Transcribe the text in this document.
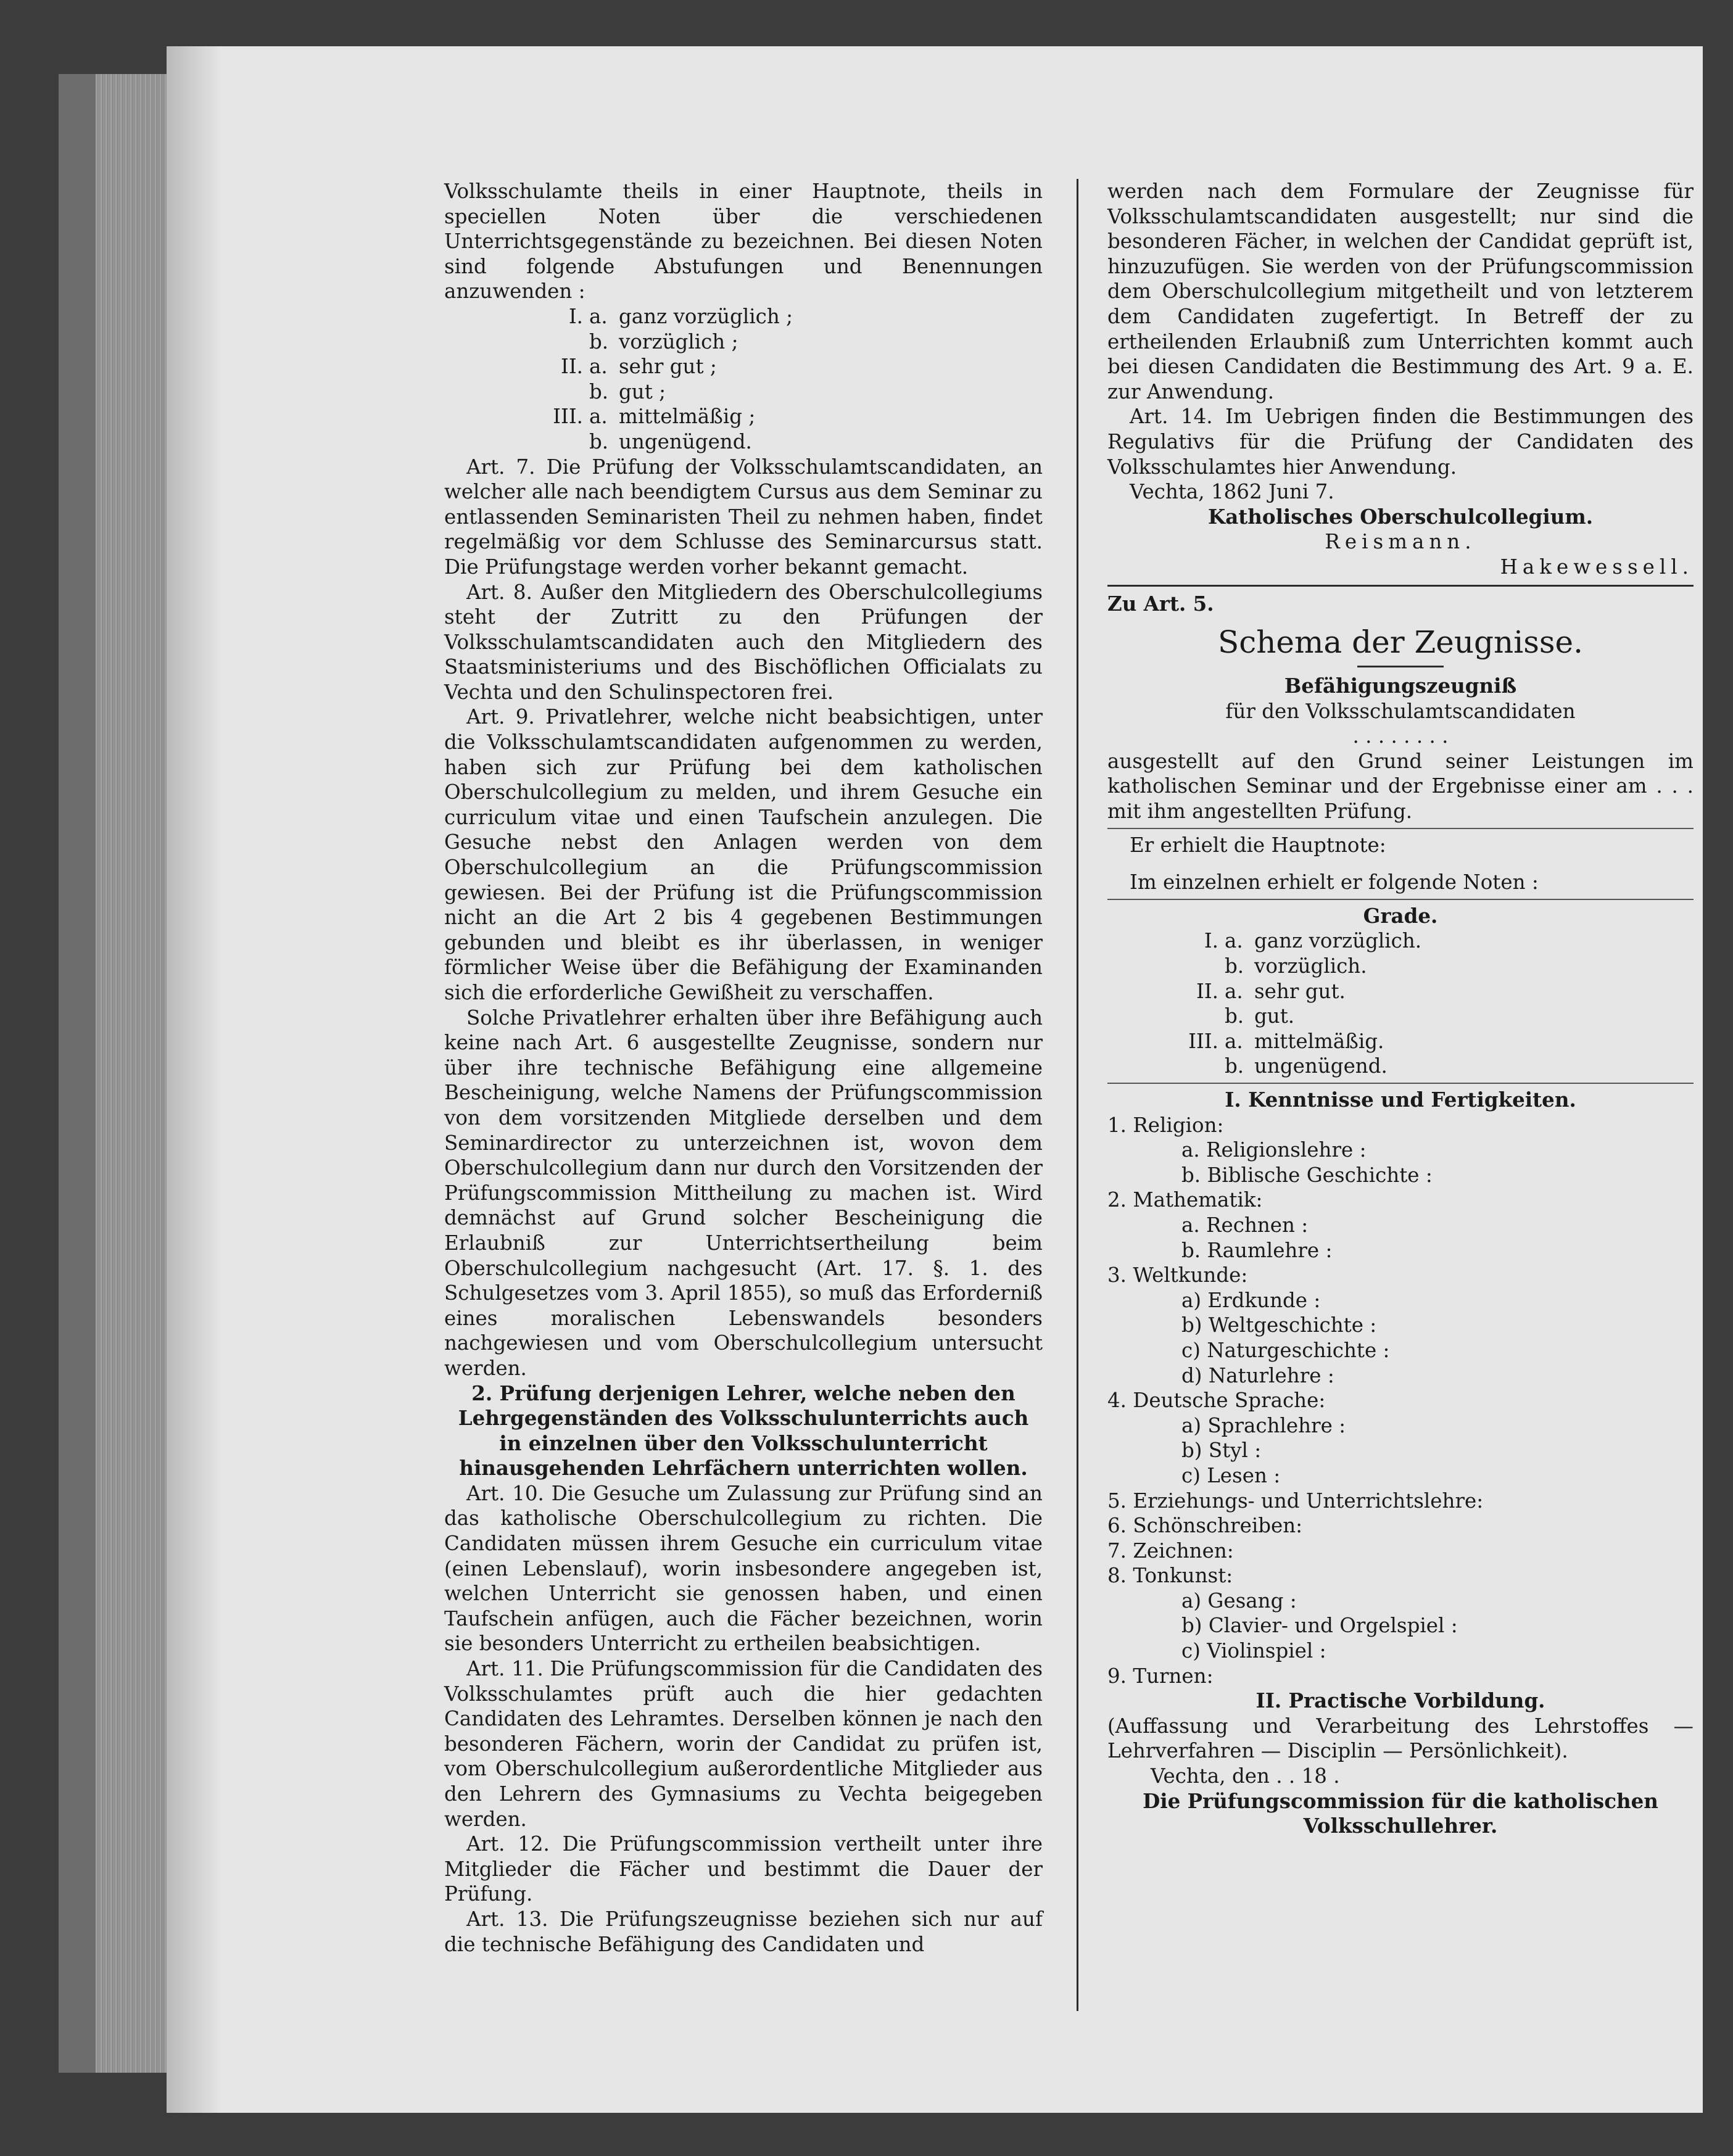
Volksschulamte theils in einer Hauptnote, theils in speciellen Noten über die verschiedenen Unterrichtsgegenstände zu bezeichnen. Bei diesen Noten sind folgende Abstufungen und Benennungen anzuwenden :

I. a. ganz vorzüglich ;
b. vorzüglich ;
II. a. sehr gut ;
b. gut ;
III. a. mittelmäßig ;
b. ungenügend.

Art. 7. Die Prüfung der Volksschulamtscandidaten, an welcher alle nach beendigtem Cursus aus dem Seminar zu entlassenden Seminaristen Theil zu nehmen haben, findet regelmäßig vor dem Schlusse des Seminarcursus statt. Die Prüfungstage werden vorher bekannt gemacht.

Art. 8. Außer den Mitgliedern des Oberschulcollegiums steht der Zutritt zu den Prüfungen der Volksschulamtscandidaten auch den Mitgliedern des Staatsministeriums und des Bischöflichen Officialats zu Vechta und den Schulinspectoren frei.

Art. 9. Privatlehrer, welche nicht beabsichtigen, unter die Volksschulamtscandidaten aufgenommen zu werden, haben sich zur Prüfung bei dem katholischen Oberschulcollegium zu melden, und ihrem Gesuche ein curriculum vitae und einen Taufschein anzulegen. Die Gesuche nebst den Anlagen werden von dem Oberschulcollegium an die Prüfungscommission gewiesen. Bei der Prüfung ist die Prüfungscommission nicht an die Art 2 bis 4 gegebenen Bestimmungen gebunden und bleibt es ihr überlassen, in weniger förmlicher Weise über die Befähigung der Examinanden sich die erforderliche Gewißheit zu verschaffen.

Solche Privatlehrer erhalten über ihre Befähigung auch keine nach Art. 6 ausgestellte Zeugnisse, sondern nur über ihre technische Befähigung eine allgemeine Bescheinigung, welche Namens der Prüfungscommission von dem vorsitzenden Mitgliede derselben und dem Seminardirector zu unterzeichnen ist, wovon dem Oberschulcollegium dann nur durch den Vorsitzenden der Prüfungscommission Mittheilung zu machen ist. Wird demnächst auf Grund solcher Bescheinigung die Erlaubniß zur Unterrichtsertheilung beim Oberschulcollegium nachgesucht (Art. 17. §. 1. des Schulgesetzes vom 3. April 1855), so muß das Erforderniß eines moralischen Lebenswandels besonders nachgewiesen und vom Oberschulcollegium untersucht werden.

2. Prüfung derjenigen Lehrer, welche neben den Lehrgegenständen des Volksschulunterrichts auch in einzelnen über den Volksschulunterricht hinausgehenden Lehrfächern unterrichten wollen.

Art. 10. Die Gesuche um Zulassung zur Prüfung sind an das katholische Oberschulcollegium zu richten. Die Candidaten müssen ihrem Gesuche ein curriculum vitae (einen Lebenslauf), worin insbesondere angegeben ist, welchen Unterricht sie genossen haben, und einen Taufschein anfügen, auch die Fächer bezeichnen, worin sie besonders Unterricht zu ertheilen beabsichtigen.

Art. 11. Die Prüfungscommission für die Candidaten des Volksschulamtes prüft auch die hier gedachten Candidaten des Lehramtes. Derselben können je nach den besonderen Fächern, worin der Candidat zu prüfen ist, vom Oberschulcollegium außerordentliche Mitglieder aus den Lehrern des Gymnasiums zu Vechta beigegeben werden.

Art. 12. Die Prüfungscommission vertheilt unter ihre Mitglieder die Fächer und bestimmt die Dauer der Prüfung.

Art. 13. Die Prüfungszeugnisse beziehen sich nur auf die technische Befähigung des Candidaten und

werden nach dem Formulare der Zeugnisse für Volksschulamtscandidaten ausgestellt; nur sind die besonderen Fächer, in welchen der Candidat geprüft ist, hinzuzufügen. Sie werden von der Prüfungscommission dem Oberschulcollegium mitgetheilt und von letzterem dem Candidaten zugefertigt. In Betreff der zu ertheilenden Erlaubniß zum Unterrichten kommt auch bei diesen Candidaten die Bestimmung des Art. 9 a. E. zur Anwendung.

Art. 14. Im Uebrigen finden die Bestimmungen des Regulativs für die Prüfung der Candidaten des Volksschulamtes hier Anwendung.

Vechta, 1862 Juni 7.

Katholisches Oberschulcollegium.

Reismann.

Hakewessell.

Zu Art. 5.

Schema der Zeugnisse.

Befähigungszeugniß

für den Volksschulamtscandidaten

. . . . . . . .

ausgestellt auf den Grund seiner Leistungen im katholischen Seminar und der Ergebnisse einer am . . . mit ihm angestellten Prüfung.

Er erhielt die Hauptnote:

Im einzelnen erhielt er folgende Noten :

Grade.

I. a. ganz vorzüglich.
b. vorzüglich.
II. a. sehr gut.
b. gut.
III. a. mittelmäßig.
b. ungenügend.

I. Kenntnisse und Fertigkeiten.

1. Religion:

a. Religionslehre :

b. Biblische Geschichte :

2. Mathematik:

a. Rechnen :

b. Raumlehre :

3. Weltkunde:

a) Erdkunde :

b) Weltgeschichte :

c) Naturgeschichte :

d) Naturlehre :

4. Deutsche Sprache:

a) Sprachlehre :

b) Styl :

c) Lesen :

5. Erziehungs- und Unterrichtslehre:

6. Schönschreiben:

7. Zeichnen:

8. Tonkunst:

a) Gesang :

b) Clavier- und Orgelspiel :

c) Violinspiel :

9. Turnen:

II. Practische Vorbildung.

(Auffassung und Verarbeitung des Lehrstoffes — Lehrverfahren — Disciplin — Persönlichkeit).

Vechta, den . . 18 .

Die Prüfungscommission für die katholischen Volksschullehrer.
